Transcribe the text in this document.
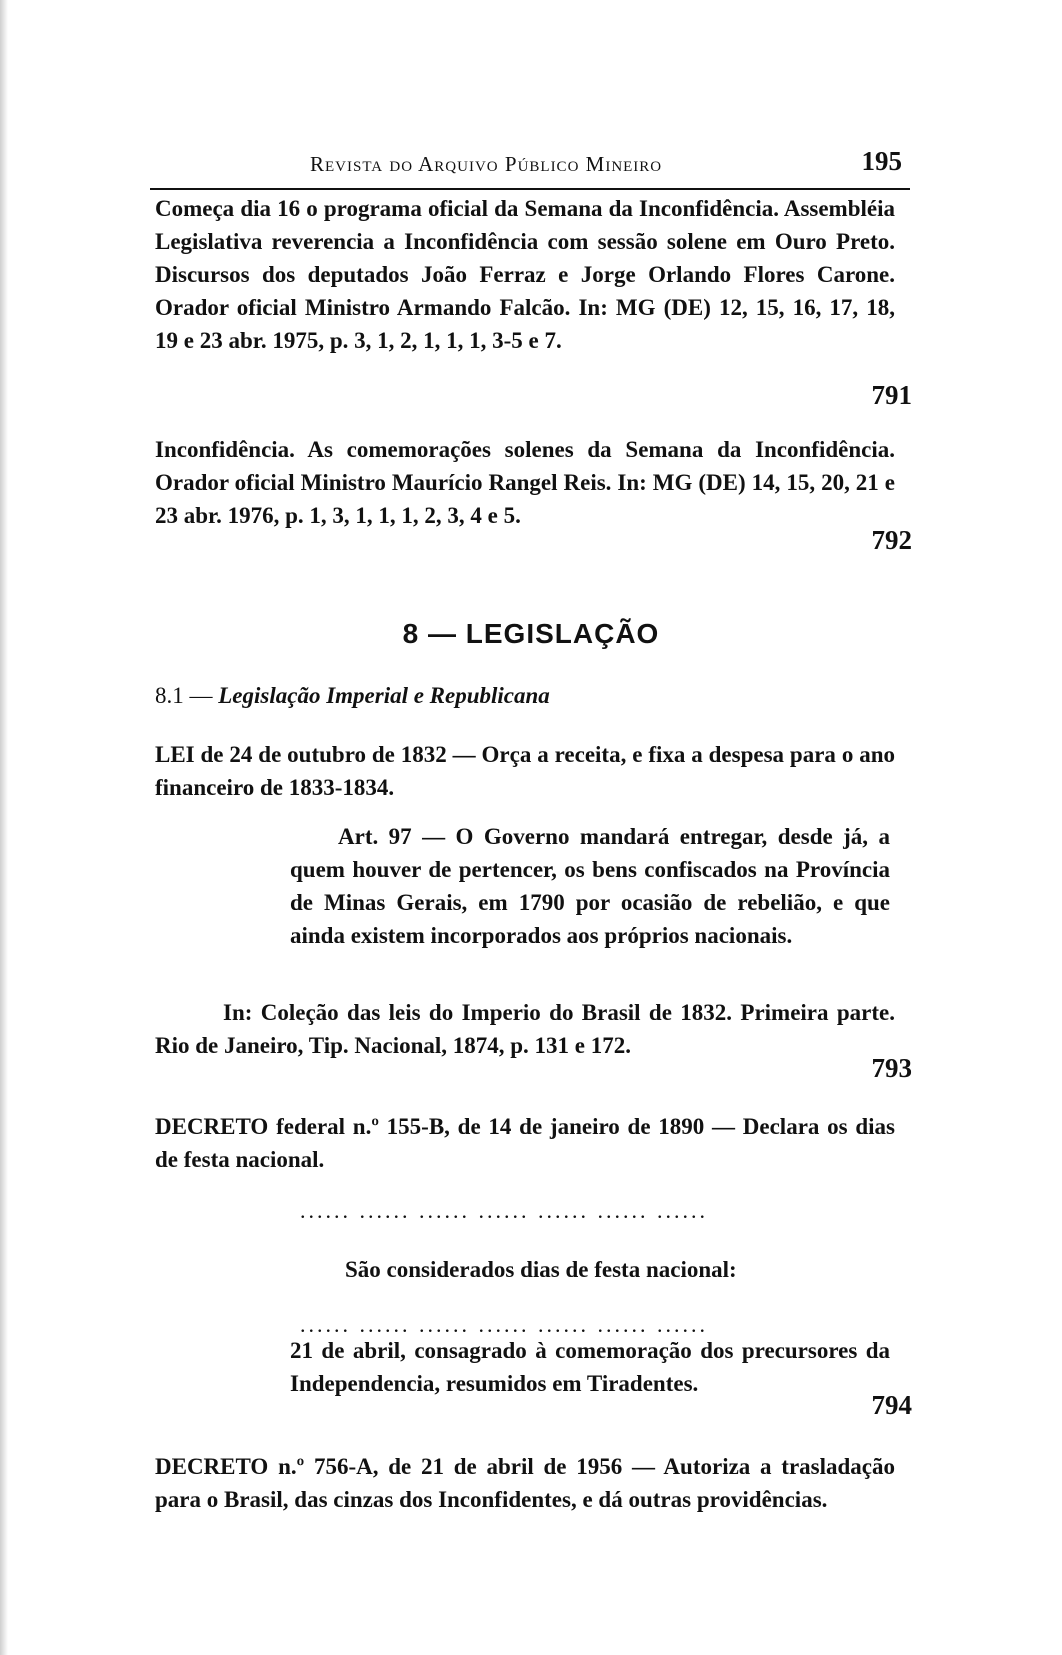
Revista do Arquivo Público Mineiro	195

Começa dia 16 o programa oficial da Semana da Inconfidência. Assembléia Legislativa reverencia a Inconfidência com sessão solene em Ouro Preto. Discursos dos deputados João Ferraz e Jorge Orlando Flores Carone. Orador oficial Ministro Armando Falcão. In: MG (DE) 12, 15, 16, 17, 18, 19 e 23 abr. 1975, p. 3, 1, 2, 1, 1, 1, 3-5 e 7.

791

Inconfidência. As comemorações solenes da Semana da Inconfidência. Orador oficial Ministro Maurício Rangel Reis. In: MG (DE) 14, 15, 20, 21 e 23 abr. 1976, p. 1, 3, 1, 1, 1, 2, 3, 4 e 5.

792
8 — LEGISLAÇÃO
8.1 — Legislação Imperial e Republicana

LEI de 24 de outubro de 1832 — Orça a receita, e fixa a despesa para o ano financeiro de 1833-1834.

Art. 97 — O Governo mandará entregar, desde já, a quem houver de pertencer, os bens confiscados na Província de Minas Gerais, em 1790 por ocasião de rebelião, e que ainda existem incorporados aos próprios nacionais.

In: Coleção das leis do Imperio do Brasil de 1832. Primeira parte. Rio de Janeiro, Tip. Nacional, 1874, p. 131 e 172.

793

DECRETO federal n.º 155-B, de 14 de janeiro de 1890 — Declara os dias de festa nacional.

...... ...... ...... ...... ...... ...... ......
São considerados dias de festa nacional:
...... ...... ...... ...... ...... ...... ......

21 de abril, consagrado à comemoração dos precursores da Independencia, resumidos em Tiradentes.

794

DECRETO n.º 756-A, de 21 de abril de 1956 — Autoriza a trasladação para o Brasil, das cinzas dos Inconfidentes, e dá outras providências.
